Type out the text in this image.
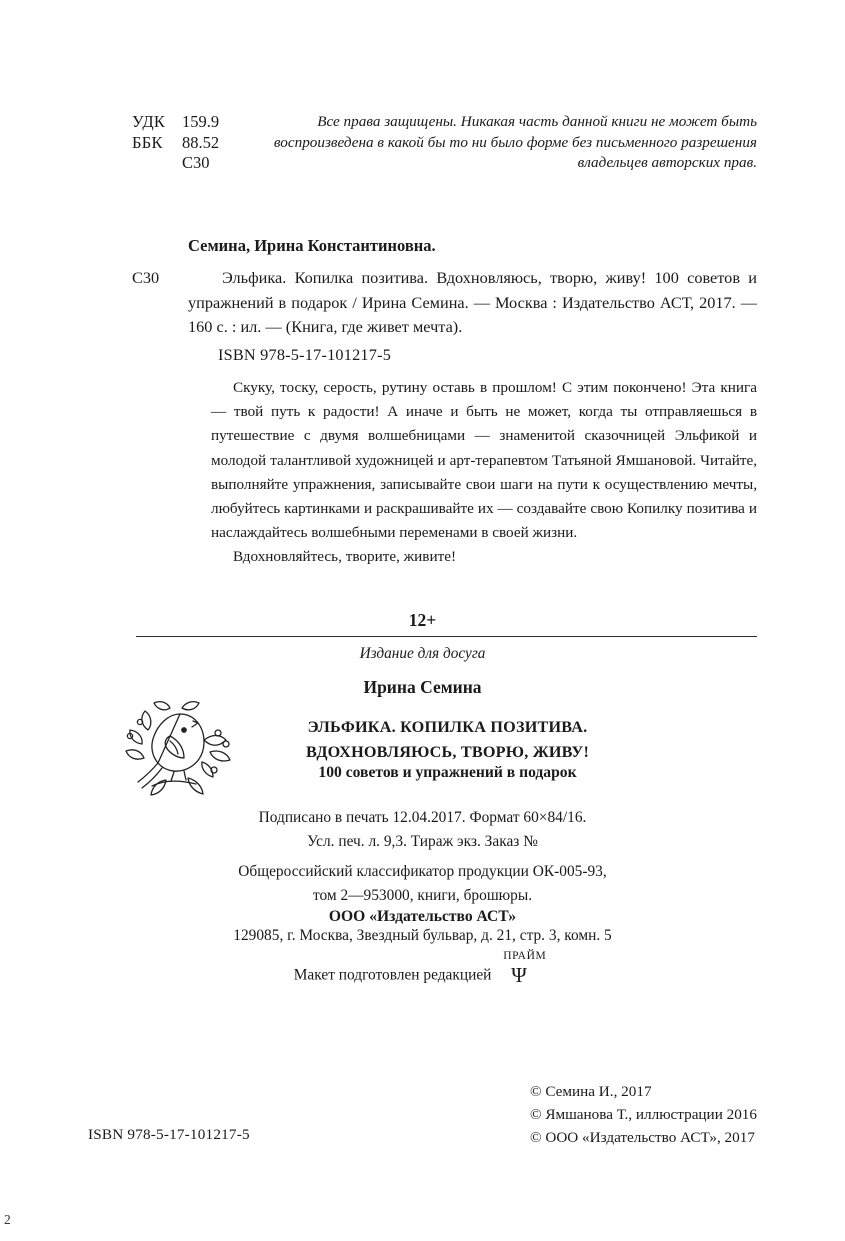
УДК	159.9
ББК	88.52
С30
Все права защищены. Никакая часть данной книги не может быть воспроизведена в какой бы то ни было форме без письменного разрешения владельцев авторских прав.
Семина, Ирина Константиновна.
С30	Эльфика. Копилка позитива. Вдохновляюсь, творю, живу! 100 советов и упражнений в подарок / Ирина Семина. — Москва : Издательство АСТ, 2017. — 160 с. : ил. — (Книга, где живет мечта).
ISBN 978-5-17-101217-5

Скуку, тоску, серость, рутину оставь в прошлом! С этим покончено! Эта книга — твой путь к радости! А иначе и быть не может, когда ты отправляешься в путешествие с двумя волшебницами — знаменитой сказочницей Эльфикой и молодой талантливой художницей и арт-терапевтом Татьяной Ямшановой. Читайте, выполняйте упражнения, записывайте свои шаги на пути к осуществлению мечты, любуйтесь картинками и раскрашивайте их — создавайте свою Копилку позитива и наслаждайтесь волшебными переменами в своей жизни.

Вдохновляйтесь, творите, живите!

12+
Издание для досуга
Ирина Семина
ЭЛЬФИКА. КОПИЛКА ПОЗИТИВА.
ВДОХНОВЛЯЮСЬ, ТВОРЮ, ЖИВУ!
100 советов и упражнений в подарок
Подписано в печать 12.04.2017. Формат 60×84/16.
Усл. печ. л. 9,3. Тираж экз. Заказ №
Общероссийский классификатор продукции ОК-005-93,
том 2—953000, книги, брошюры.
ООО «Издательство АСТ»
129085, г. Москва, Звездный бульвар, д. 21, стр. 3, комн. 5
Макет подготовлен редакцией
ПРАЙМ
Ψ
© Семина И., 2017
© Ямшанова Т., иллюстрации 2016
© ООО «Издательство АСТ», 2017
ISBN 978-5-17-101217-5
2
